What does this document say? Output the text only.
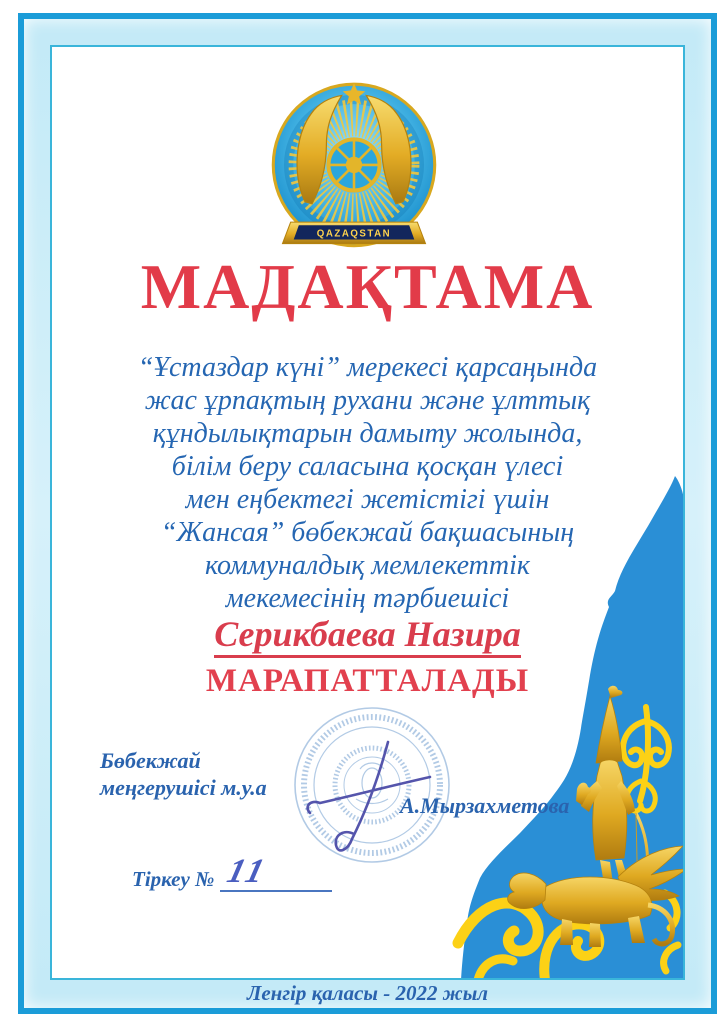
QAZAQSTAN
МАДАҚТАМА
“Ұстаздар күні” мерекесі қарсаңында
жас ұрпақтың рухани және ұлттық
құндылықтарын дамыту жолында,
білім беру саласына қосқан үлесі
мен еңбектегі жетістігі үшін
“Жансая” бөбекжай бақшасының
коммуналдық мемлекеттік
мекемесінің тәрбиешісі
Серикбаева Назира
МАРАПАТТАЛАДЫ
Бөбекжай
меңгерушісі м.у.а
А.Мырзахметова
Тіркеу № 11
Ленгір қаласы - 2022 жыл
